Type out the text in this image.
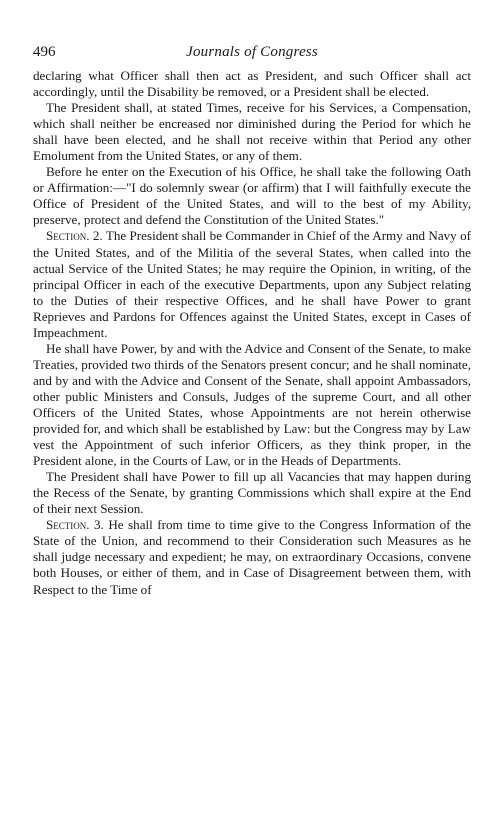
496	Journals of Congress

declaring what Officer shall then act as President, and such Officer shall act accordingly, until the Disability be removed, or a President shall be elected.

The President shall, at stated Times, receive for his Services, a Compensation, which shall neither be encreased nor diminished during the Period for which he shall have been elected, and he shall not receive within that Period any other Emolument from the United States, or any of them.

Before he enter on the Execution of his Office, he shall take the following Oath or Affirmation:—"I do solemnly swear (or affirm) that I will faithfully execute the Office of President of the United States, and will to the best of my Ability, preserve, protect and defend the Constitution of the United States."

Section. 2. The President shall be Commander in Chief of the Army and Navy of the United States, and of the Militia of the several States, when called into the actual Service of the United States; he may require the Opinion, in writing, of the principal Officer in each of the executive Departments, upon any Subject relating to the Duties of their respective Offices, and he shall have Power to grant Reprieves and Pardons for Offences against the United States, except in Cases of Impeachment.

He shall have Power, by and with the Advice and Consent of the Senate, to make Treaties, provided two thirds of the Senators present concur; and he shall nominate, and by and with the Advice and Consent of the Senate, shall appoint Ambassadors, other public Ministers and Consuls, Judges of the supreme Court, and all other Officers of the United States, whose Appointments are not herein otherwise provided for, and which shall be established by Law: but the Congress may by Law vest the Appointment of such inferior Officers, as they think proper, in the President alone, in the Courts of Law, or in the Heads of Departments.

The President shall have Power to fill up all Vacancies that may happen during the Recess of the Senate, by granting Commissions which shall expire at the End of their next Session.

Section. 3. He shall from time to time give to the Congress Information of the State of the Union, and recommend to their Consideration such Measures as he shall judge necessary and expedient; he may, on extraordinary Occasions, convene both Houses, or either of them, and in Case of Disagreement between them, with Respect to the Time of
